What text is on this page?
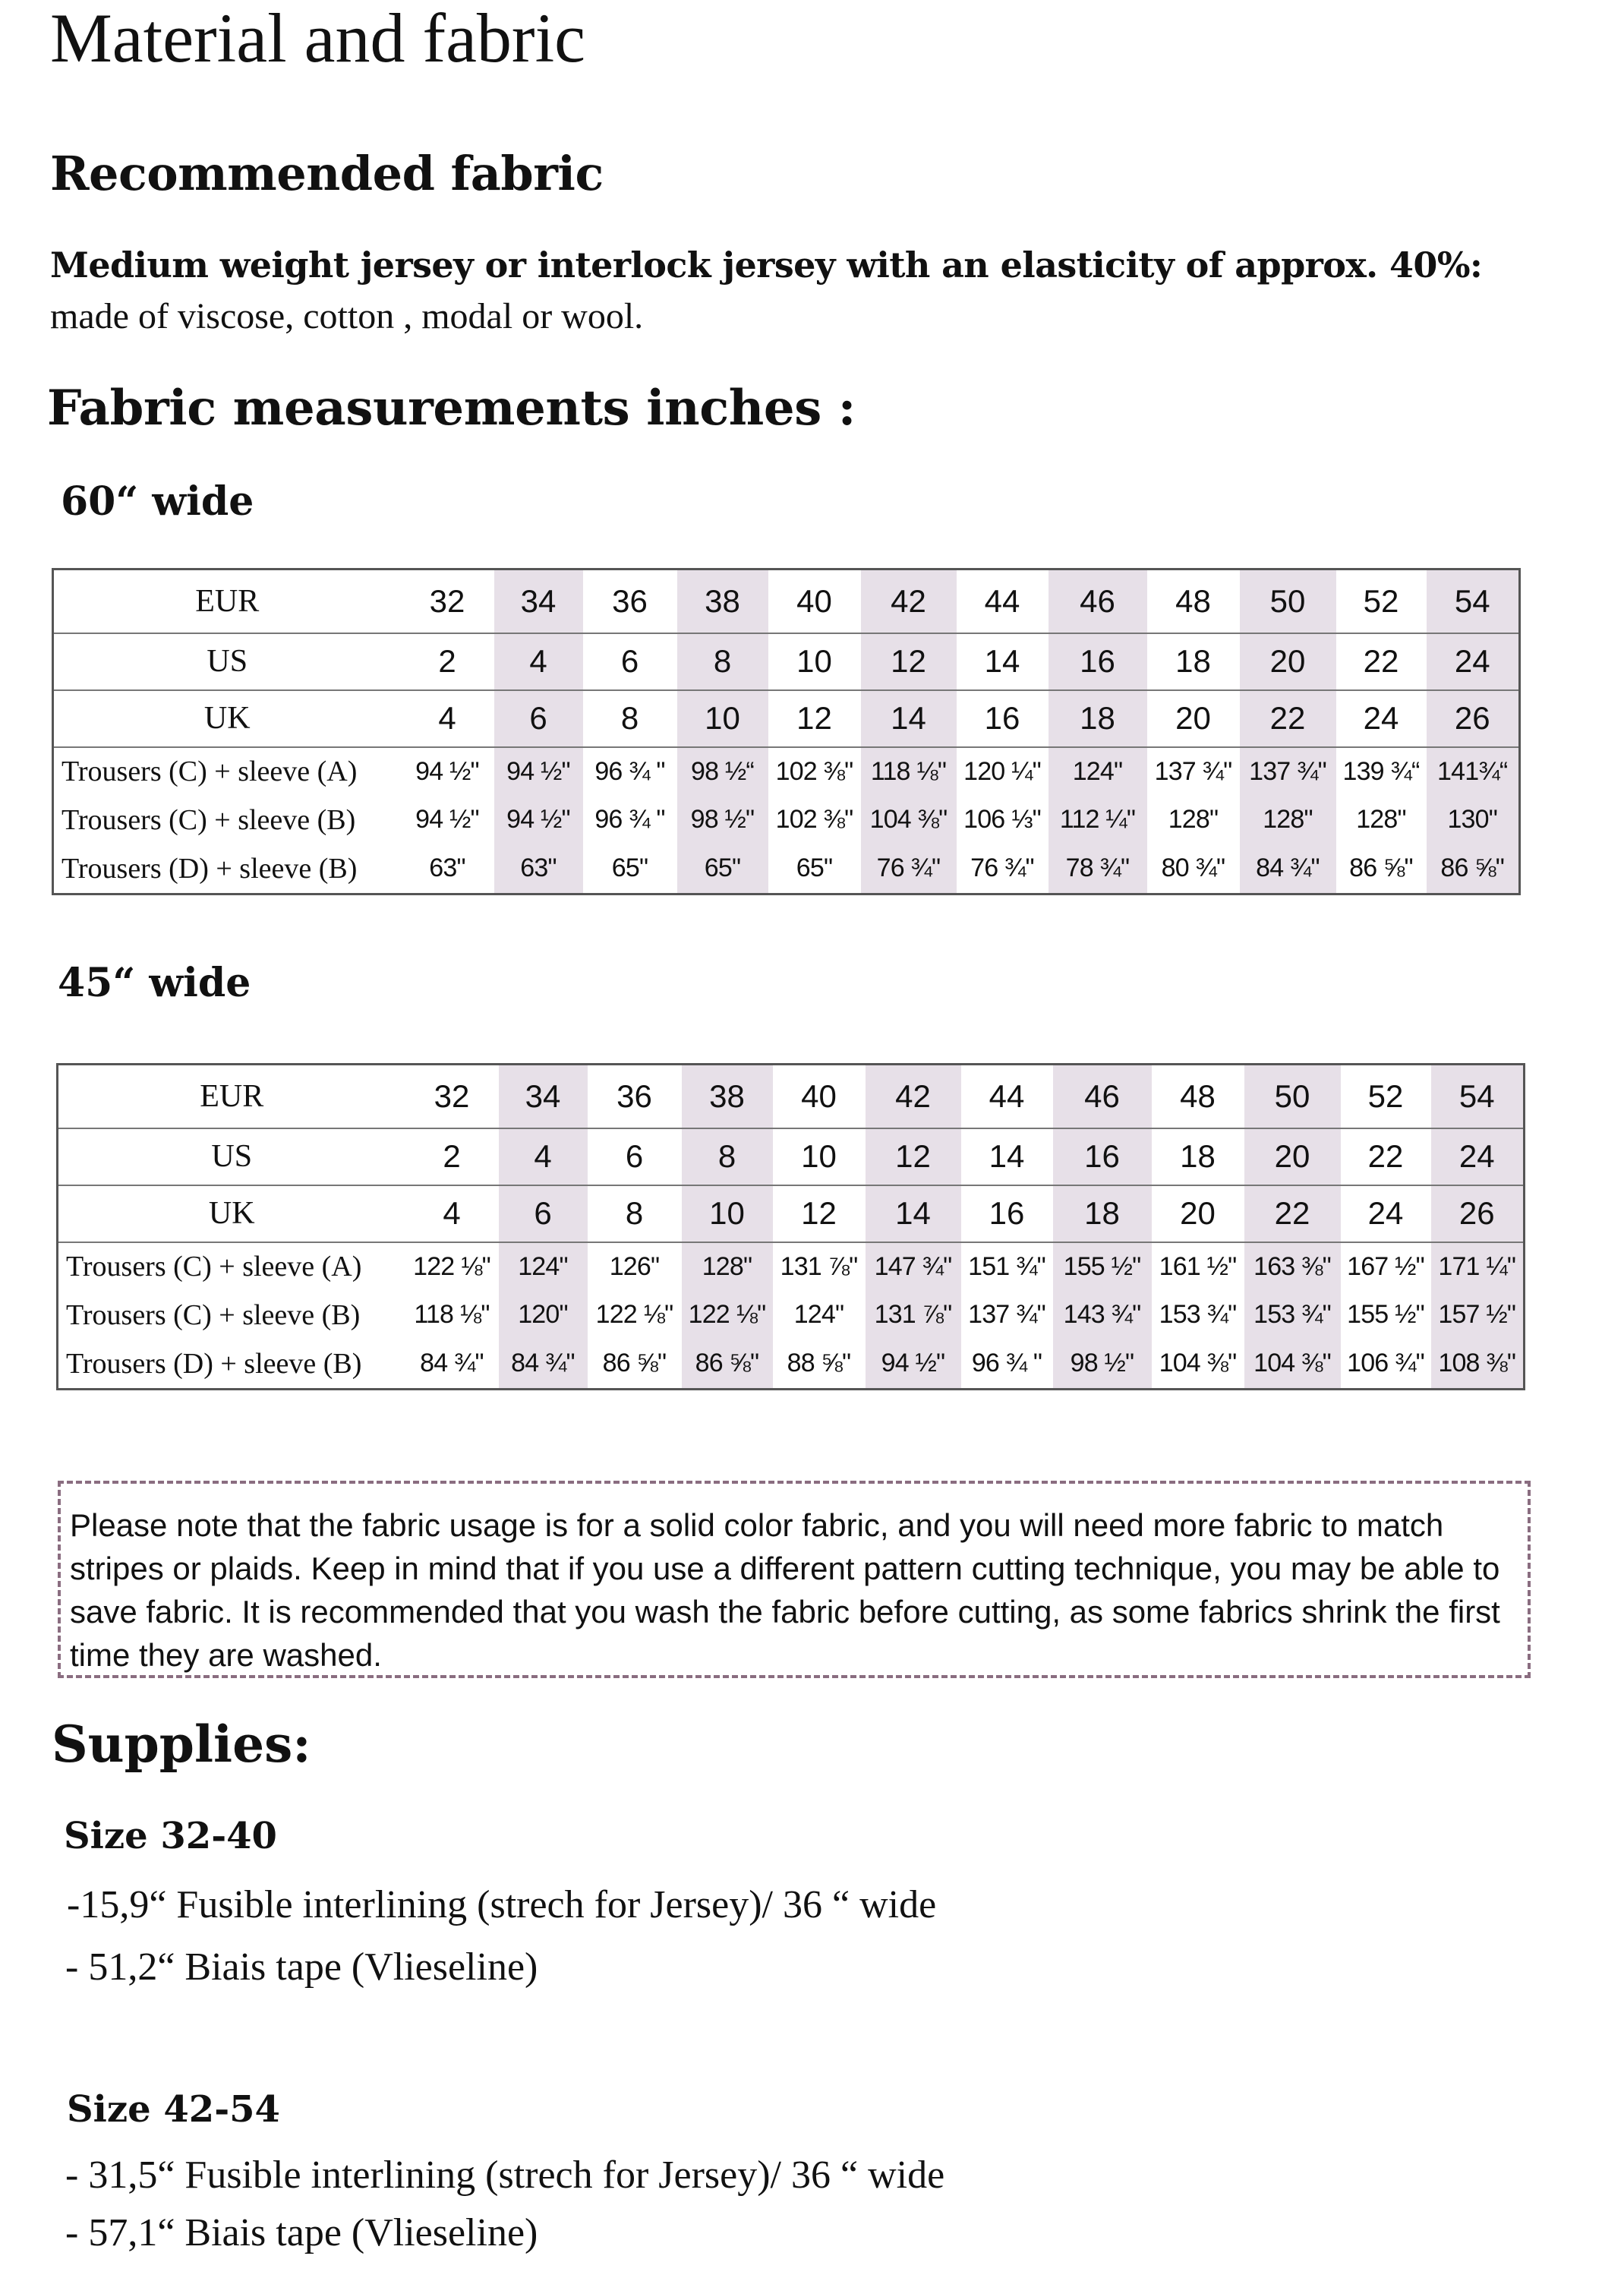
Material and fabric
Recommended fabric
Medium weight jersey or interlock jersey with an elasticity of approx. 40%:
made of viscose, cotton , modal or wool.
Fabric measurements inches :
60“ wide
EUR	32	34	36	38	40	42	44	46	48	50	52	54
US	2	4	6	8	10	12	14	16	18	20	22	24
UK	4	6	8	10	12	14	16	18	20	22	24	26
Trousers (C) + sleeve (A)	94 ½"	94 ½"	96 ¾ "	98 ½“	102 ⅜"	118 ⅛"	120 ¼"	124"	137 ¾"	137 ¾"	139 ¾“	141¾“
Trousers (C) + sleeve (B)	94 ½"	94 ½"	96 ¾ "	98 ½"	102 ⅜"	104 ⅜"	106 ⅓"	112 ¼"	128"	128"	128"	130"
Trousers (D) + sleeve (B)	63"	63"	65"	65"	65"	76 ¾"	76 ¾"	78 ¾"	80 ¾"	84 ¾"	86 ⅝"	86 ⅝"
45“ wide
EUR	32	34	36	38	40	42	44	46	48	50	52	54
US	2	4	6	8	10	12	14	16	18	20	22	24
UK	4	6	8	10	12	14	16	18	20	22	24	26
Trousers (C) + sleeve (A)	122 ⅛"	124"	126"	128"	131 ⅞"	147 ¾"	151 ¾"	155 ½"	161 ½"	163 ⅜"	167 ½"	171 ¼"
Trousers (C) + sleeve (B)	118 ⅛"	120"	122 ⅛"	122 ⅛"	124"	131 ⅞"	137 ¾"	143 ¾"	153 ¾"	153 ¾"	155 ½"	157 ½"
Trousers (D) + sleeve (B)	84 ¾"	84 ¾"	86 ⅝"	86 ⅝"	88 ⅝"	94 ½"	96 ¾ "	98 ½"	104 ⅜"	104 ⅜"	106 ¾"	108 ⅜"
Please note that the fabric usage is for a solid color fabric, and you will need more fabric to match stripes or plaids. Keep in mind that if you use a different pattern cutting technique, you may be able to save fabric. It is recommended that you wash the fabric before cutting, as some fabrics shrink the first time they are washed.
Supplies:
Size 32-40
-15,9“ Fusible interlining (strech for Jersey)/ 36 “ wide
- 51,2“ Biais tape (Vlieseline)
Size 42-54
- 31,5“ Fusible interlining (strech for Jersey)/ 36 “ wide
- 57,1“ Biais tape (Vlieseline)
